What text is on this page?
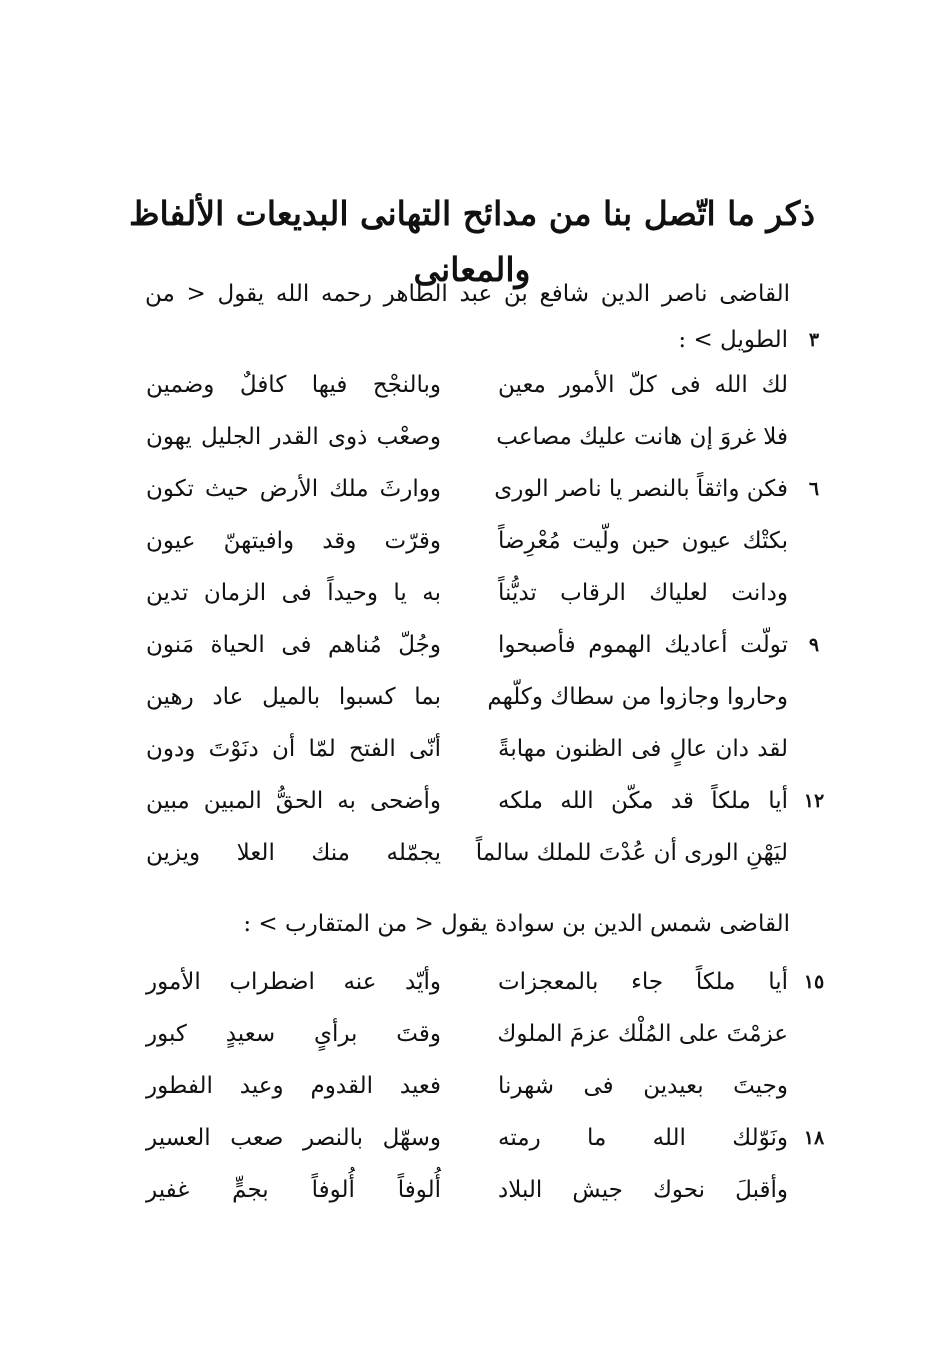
ذكر ما اتّصل بنا من مدائح التهانى البديعات الألفاظ والمعانى
القاضى ناصر الدين شافع بن عبد الطاهر رحمه الله يقول < من
٣
الطويل > :
لك الله فى كلّ الأمور معين
وبالنجْح فيها كافلٌ وضمين
فلا غروَ إن هانت عليك مصاعب
وصعْب ذوى القدر الجليل يهون
٦
فكن واثقاً بالنصر يا ناصر الورى
ووارثَ ملك الأرض حيث تكون
بكتْك عيون حين ولّيت مُعْرِضاً
وقرّت وقد وافيتهنّ عيون
ودانت لعلياك الرقاب تديُّناً
به يا وحيداً فى الزمان تدين
٩
تولّت أعاديك الهموم فأصبحوا
وجُلّ مُناهم فى الحياة مَنون
وحاروا وجازوا من سطاك وكلّهم
بما كسبوا بالميل عاد رهين
لقد دان عالٍ فى الظنون مهابةً
أنّى الفتح لمّا أن دنَوْتَ ودون
١٢
أيا ملكاً قد مكّن الله ملكه
وأضحى به الحقُّ المبين مبين
ليَهْنِ الورى أن عُدْتَ للملك سالماً
يجمّله منك العلا ويزين
القاضى شمس الدين بن سوادة يقول < من المتقارب > :
١٥
أيا ملكاً جاء بالمعجزات
وأيّد عنه اضطراب الأمور
عزمْتَ على المُلْك عزمَ الملوك
وقتَ برأىٍ سعيدٍ كبور
وجيتَ بعيدين فى شهرنا
فعيد القدوم وعيد الفطور
١٨
ونَوّلك الله ما رمته
وسهّل بالنصر صعب العسير
وأقبلَ نحوك جيش البلاد
أُلوفاً أُلوفاً بجمٍّ غفير
